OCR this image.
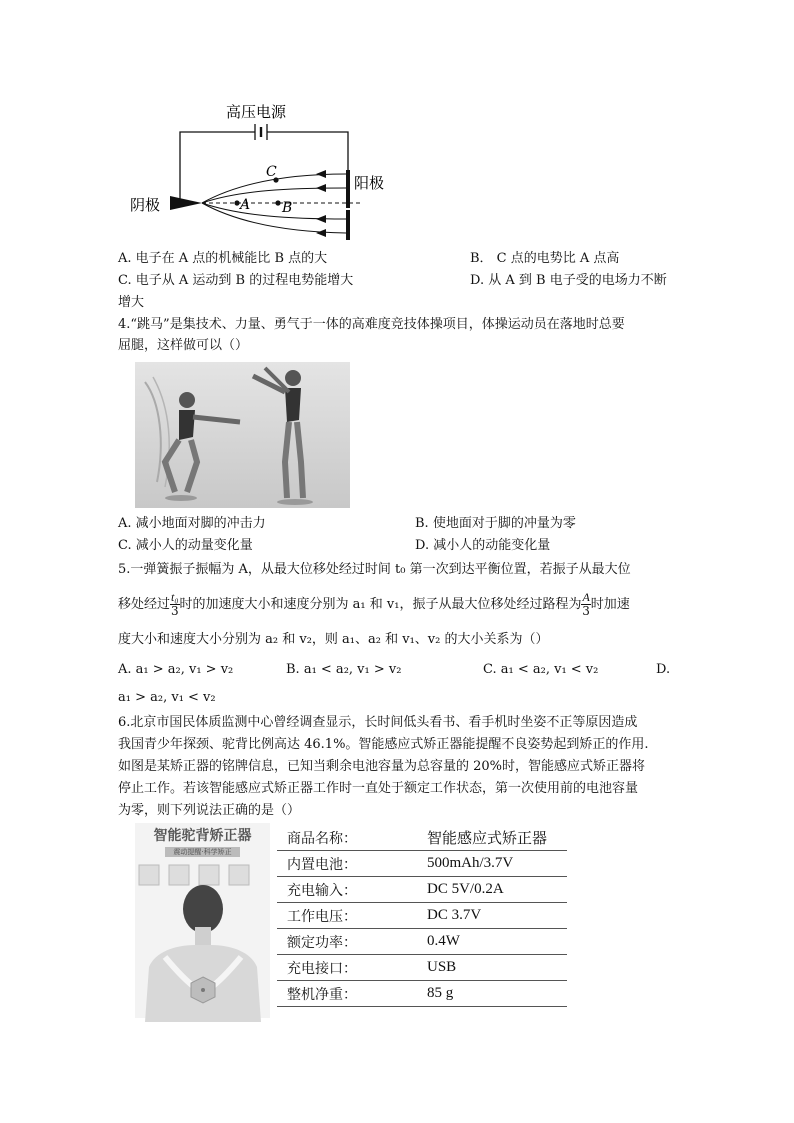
高压电源
阴极
阳极
A B
C
A. 电子在 A 点的机械能比 B 点的大	B． C 点的电势比 A 点高
C. 电子从 A 运动到 B 的过程电势能增大	D. 从 A 到 B 电子受的电场力不断
增大
4.“跳马”是集技术、力量、勇气于一体的高难度竞技体操项目，体操运动员在落地时总要
屈腿，这样做可以（）
A. 减小地面对脚的冲击力	B. 使地面对于脚的冲量为零
C. 减小人的动量变化量	D. 减小人的动能变化量
5.一弹簧振子振幅为 A，从最大位移处经过时间 t₀ 第一次到达平衡位置，若振子从最大位
移处经过 $\frac{\text{t₀}}{3}$ 时的加速度大小和速度分别为 a₁ 和 v₁，振子从最大位移处经过路程为 $\frac{A}{3}$ 时加速
度大小和速度大小分别为 a₂ 和 v₂，则 a₁、a₂ 和 v₁、v₂ 的大小关系为（）
A. a₁ > a₂, v₁ > v₂	B. a₁ < a₂, v₁ > v₂	C. a₁ < a₂, v₁ < v₂	D.
a₁ > a₂, v₁ < v₂
6.北京市国民体质监测中心曾经调查显示，长时间低头看书、看手机时坐姿不正等原因造成
我国青少年探颈、驼背比例高达 46.1%。智能感应式矫正器能提醒不良姿势起到矫正的作用.
如图是某矫正器的铭牌信息，已知当剩余电池容量为总容量的 20%时，智能感应式矫正器将
停止工作。若该智能感应式矫正器工作时一直处于额定工作状态，第一次使用前的电池容量
为零，则下列说法正确的是（）
智能驼背矫正器
震动提醒·科学矫正
商品名称：	智能感应式矫正器
内置电池：	500mAh/3.7V
充电输入：	DC 5V/0.2A
工作电压：	DC 3.7V
额定功率：	0.4W
充电接口：	USB
整机净重：	85 g
